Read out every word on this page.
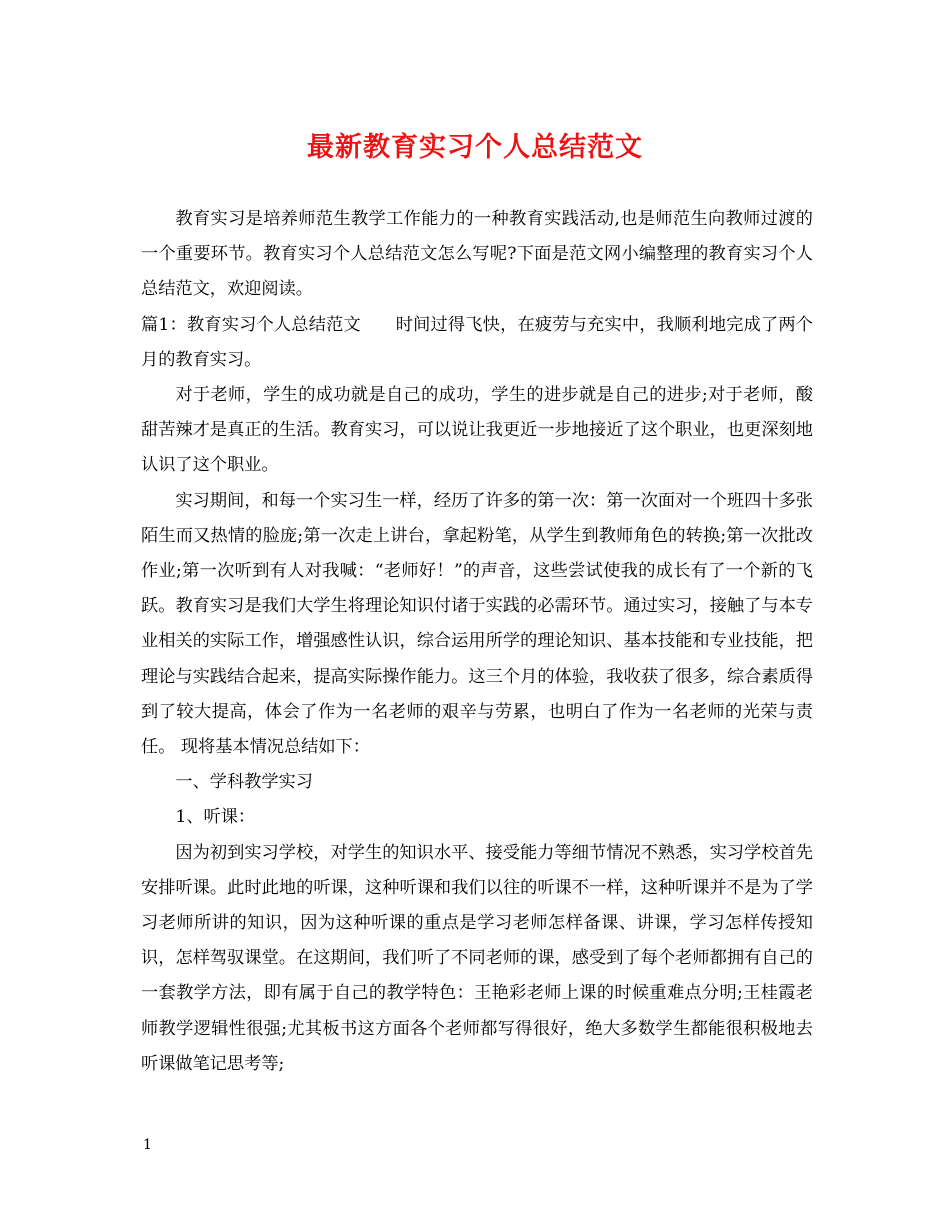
最新教育实习个人总结范文

教育实习是培养师范生教学工作能力的一种教育实践活动,也是师范生向教师过渡的一个重要环节。教育实习个人总结范文怎么写呢?下面是范文网小编整理的教育实习个人总结范文，欢迎阅读。

篇1：教育实习个人总结范文　　时间过得飞快，在疲劳与充实中，我顺利地完成了两个月的教育实习。

对于老师，学生的成功就是自己的成功，学生的进步就是自己的进步;对于老师，酸甜苦辣才是真正的生活。教育实习，可以说让我更近一步地接近了这个职业，也更深刻地认识了这个职业。

实习期间，和每一个实习生一样，经历了许多的第一次：第一次面对一个班四十多张陌生而又热情的脸庞;第一次走上讲台，拿起粉笔，从学生到教师角色的转换;第一次批改作业;第一次听到有人对我喊：“老师好！”的声音，这些尝试使我的成长有了一个新的飞跃。教育实习是我们大学生将理论知识付诸于实践的必需环节。通过实习，接触了与本专业相关的实际工作，增强感性认识，综合运用所学的理论知识、基本技能和专业技能，把理论与实践结合起来，提高实际操作能力。这三个月的体验，我收获了很多，综合素质得到了较大提高，体会了作为一名老师的艰辛与劳累，也明白了作为一名老师的光荣与责任。 现将基本情况总结如下：

一、学科教学实习

1、听课：

因为初到实习学校，对学生的知识水平、接受能力等细节情况不熟悉，实习学校首先安排听课。此时此地的听课，这种听课和我们以往的听课不一样，这种听课并不是为了学习老师所讲的知识，因为这种听课的重点是学习老师怎样备课、讲课，学习怎样传授知识，怎样驾驭课堂。在这期间，我们听了不同老师的课，感受到了每个老师都拥有自己的一套教学方法，即有属于自己的教学特色：王艳彩老师上课的时候重难点分明;王桂霞老师教学逻辑性很强;尤其板书这方面各个老师都写得很好，绝大多数学生都能很积极地去听课做笔记思考等;

1
